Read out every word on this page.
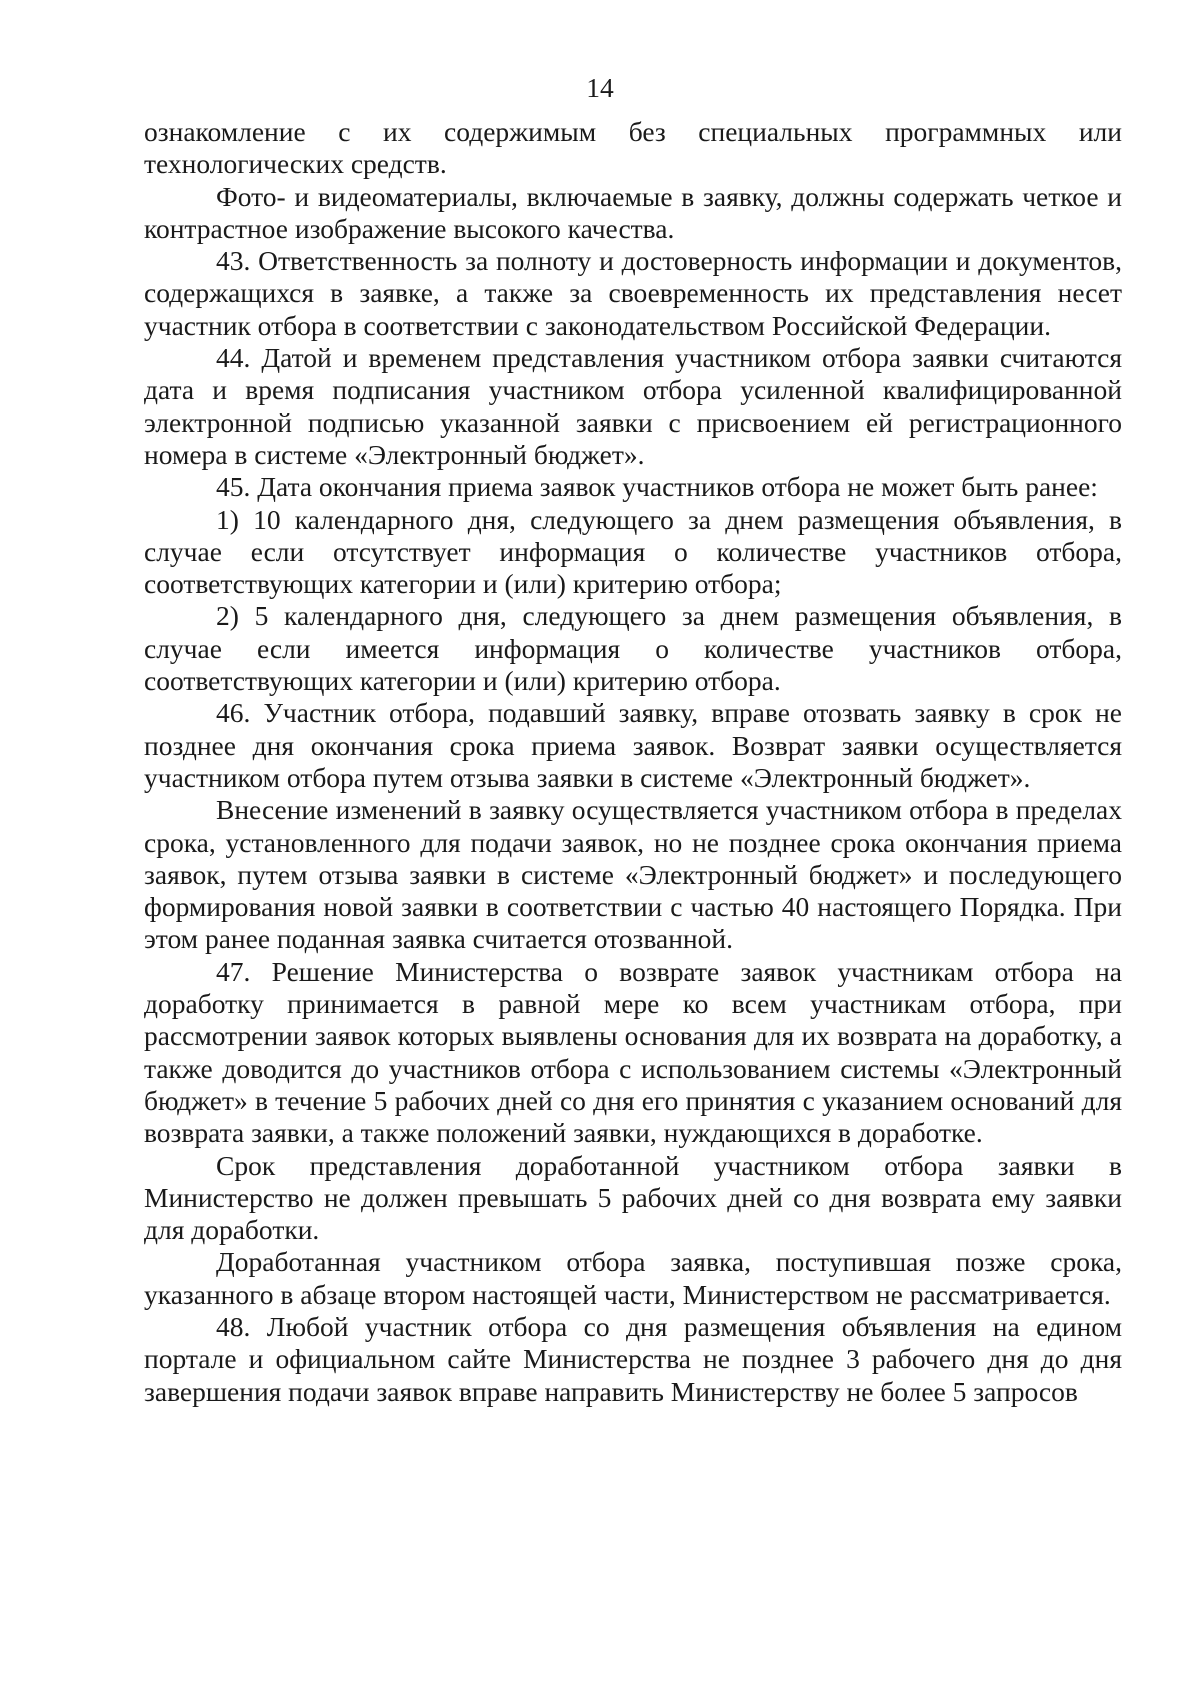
14

ознакомление с их содержимым без специальных программных или технологических средств.

Фото- и видеоматериалы, включаемые в заявку, должны содержать четкое и контрастное изображение высокого качества.

43. Ответственность за полноту и достоверность информации и документов, содержащихся в заявке, а также за своевременность их представления несет участник отбора в соответствии с законодательством Российской Федерации.

44. Датой и временем представления участником отбора заявки считаются дата и время подписания участником отбора усиленной квалифицированной электронной подписью указанной заявки с присвоением ей регистрационного номера в системе «Электронный бюджет».

45. Дата окончания приема заявок участников отбора не может быть ранее:

1) 10 календарного дня, следующего за днем размещения объявления, в случае если отсутствует информация о количестве участников отбора, соответствующих категории и (или) критерию отбора;

2) 5 календарного дня, следующего за днем размещения объявления, в случае если имеется информация о количестве участников отбора, соответствующих категории и (или) критерию отбора.

46. Участник отбора, подавший заявку, вправе отозвать заявку в срок не позднее дня окончания срока приема заявок. Возврат заявки осуществляется участником отбора путем отзыва заявки в системе «Электронный бюджет».

Внесение изменений в заявку осуществляется участником отбора в пределах срока, установленного для подачи заявок, но не позднее срока окончания приема заявок, путем отзыва заявки в системе «Электронный бюджет» и последующего формирования новой заявки в соответствии с частью 40 настоящего Порядка. При этом ранее поданная заявка считается отозванной.

47. Решение Министерства о возврате заявок участникам отбора на доработку принимается в равной мере ко всем участникам отбора, при рассмотрении заявок которых выявлены основания для их возврата на доработку, а также доводится до участников отбора с использованием системы «Электронный бюджет» в течение 5 рабочих дней со дня его принятия с указанием оснований для возврата заявки, а также положений заявки, нуждающихся в доработке.

Срок представления доработанной участником отбора заявки в Министерство не должен превышать 5 рабочих дней со дня возврата ему заявки для доработки.

Доработанная участником отбора заявка, поступившая позже срока, указанного в абзаце втором настоящей части, Министерством не рассматривается.

48. Любой участник отбора со дня размещения объявления на едином портале и официальном сайте Министерства не позднее 3 рабочего дня до дня завершения подачи заявок вправе направить Министерству не более 5 запросов
